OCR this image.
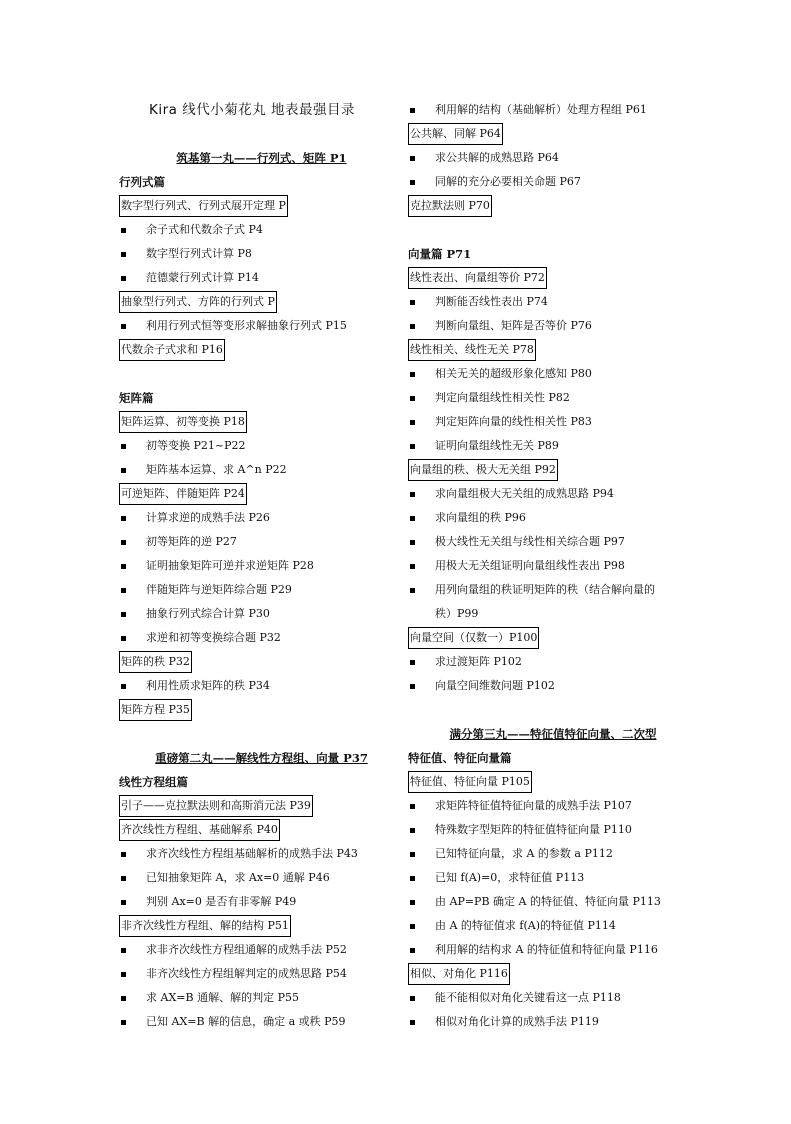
Kira 线代小菊花丸 地表最强目录
筑基第一丸——行列式、矩阵 P1
行列式篇
数字型行列式、行列式展开定理 P
余子式和代数余子式 P4
数字型行列式计算 P8
范德蒙行列式计算 P14
抽象型行列式、方阵的行列式 P
利用行列式恒等变形求解抽象行列式 P15
代数余子式求和 P16
矩阵篇
矩阵运算、初等变换 P18
初等变换 P21~P22
矩阵基本运算、求 A^n P22
可逆矩阵、伴随矩阵 P24
计算求逆的成熟手法 P26
初等矩阵的逆 P27
证明抽象矩阵可逆并求逆矩阵 P28
伴随矩阵与逆矩阵综合题 P29
抽象行列式综合计算 P30
求逆和初等变换综合题 P32
矩阵的秩 P32
利用性质求矩阵的秩 P34
矩阵方程 P35
重磅第二丸——解线性方程组、向量 P37
线性方程组篇
引子——克拉默法则和高斯消元法 P39
齐次线性方程组、基础解系 P40
求齐次线性方程组基础解析的成熟手法 P43
已知抽象矩阵 A，求 Ax=0 通解 P46
判别 Ax=0 是否有非零解 P49
非齐次线性方程组、解的结构 P51
求非齐次线性方程组通解的成熟手法 P52
非齐次线性方程组解判定的成熟思路 P54
求 AX=B 通解、解的判定 P55
已知 AX=B 解的信息，确定 a 或秩 P59
利用解的结构（基础解析）处理方程组 P61
公共解、同解 P64
求公共解的成熟思路 P64
同解的充分必要相关命题 P67
克拉默法则 P70
向量篇 P71
线性表出、向量组等价 P72
判断能否线性表出 P74
判断向量组、矩阵是否等价 P76
线性相关、线性无关 P78
相关无关的超级形象化感知 P80
判定向量组线性相关性 P82
判定矩阵向量的线性相关性 P83
证明向量组线性无关 P89
向量组的秩、极大无关组 P92
求向量组极大无关组的成熟思路 P94
求向量组的秩 P96
极大线性无关组与线性相关综合题 P97
用极大无关组证明向量组线性表出 P98
用列向量组的秩证明矩阵的秩（结合解向量的
秩）P99
向量空间（仅数一）P100
求过渡矩阵 P102
向量空间维数问题 P102
满分第三丸——特征值特征向量、二次型
特征值、特征向量篇
特征值、特征向量 P105
求矩阵特征值特征向量的成熟手法 P107
特殊数字型矩阵的特征值特征向量 P110
已知特征向量，求 A 的参数 a P112
已知 f(A)=0，求特征值 P113
由 AP=PB 确定 A 的特征值、特征向量 P113
由 A 的特征值求 f(A)的特征值 P114
利用解的结构求 A 的特征值和特征向量 P116
相似、对角化 P116
能不能相似对角化关键看这一点 P118
相似对角化计算的成熟手法 P119
